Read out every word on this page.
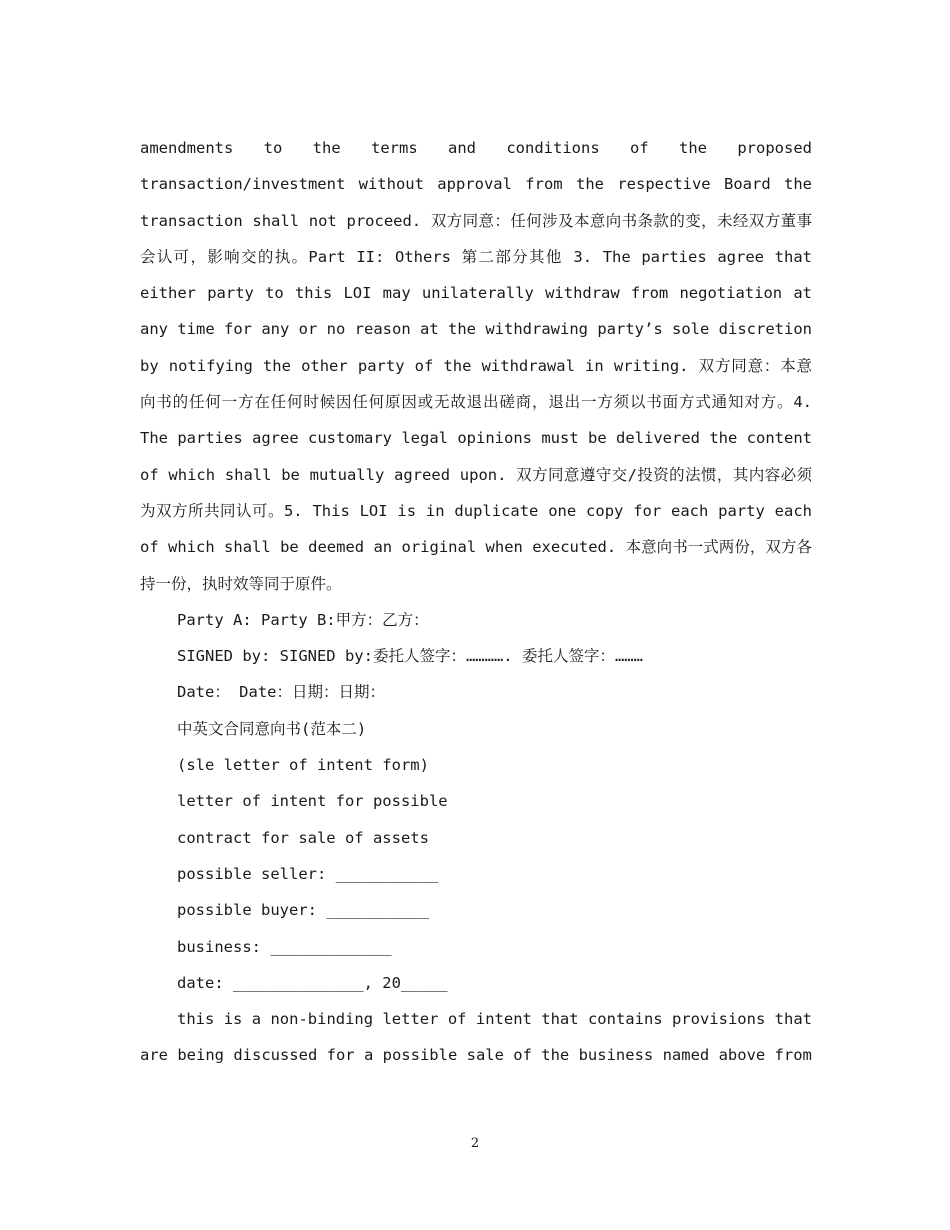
amendments to the terms and conditions of the proposed transaction/investment without approval from the respective Board the transaction shall not proceed. 双方同意：任何涉及本意向书条款的变，未经双方董事会认可，影响交的执。Part II: Others 第二部分其他 3. The parties agree that either party to this LOI may unilaterally withdraw from negotiation at any time for any or no reason at the withdrawing party’s sole discretion by notifying the other party of the withdrawal in writing. 双方同意：本意向书的任何一方在任何时候因任何原因或无故退出磋商，退出一方须以书面方式通知对方。4. The parties agree customary legal opinions must be delivered the content of which shall be mutually agreed upon. 双方同意遵守交/投资的法惯，其内容必须为双方所共同认可。5. This LOI is in duplicate one copy for each party each of which shall be deemed an original when executed. 本意向书一式两份，双方各持一份，执时效等同于原件。

Party A: Party B:甲方：乙方：

SIGNED by: SIGNED by:委托人签字：…………. 委托人签字：………

Date： Date：日期：日期：

中英文合同意向书(范本二)

(sle letter of intent form)

letter of intent for possible

contract for sale of assets

possible seller: ___________

possible buyer: ___________

business: _____________

date: ______________, 20_____

this is a non-binding letter of intent that contains provisions that are being discussed for a possible sale of the business named above from

2
